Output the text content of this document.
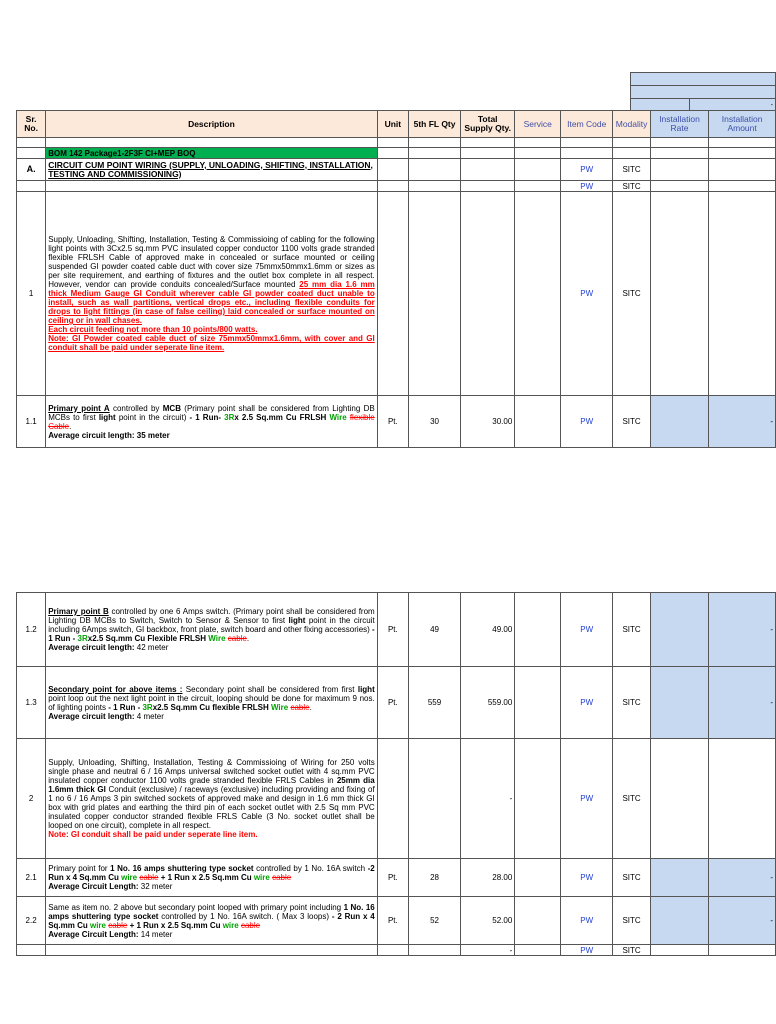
	-
Sr. No.	Description	Unit	5th FL Qty	Total Supply Qty.	Service	Item Code	Modality	Installation Rate	Installation Amount

	BOM 142 Package1-2F3F CI+MEP BOQ								
A.	CIRCUIT CUM POINT WIRING (SUPPLY, UNLOADING, SHIFTING, INSTALLATION, TESTING AND COMMISSIONING)					PW	SITC		
						PW	SITC		
1	Supply, Unloading, Shifting, Installation, Testing & Commissioing of cabling for the following light points with 3Cx2.5 sq.mm PVC insulated copper conductor 1100 volts grade stranded flexible FRLSH Cable of approved make in concealed or surface mounted or ceiling suspended GI powder coated cable duct with cover size 75mmx50mmx1.6mm or sizes as per site requirement, and earthing of fixtures and the outlet box complete in all respect. However, vendor can provide conduits concealed/Surface mounted 25 mm dia 1.6 mm thick Medium Gauge GI Conduit wherever cable GI powder coated duct unable to install, such as wall partitions, vertical drops etc., including flexible conduits for drops to light fittings (in case of false ceiling) laid concealed or surface mounted on ceiling or in wall chases.
Each circuit feeding not more than 10 points/800 watts.
Note: GI Powder coated cable duct of size 75mmx50mmx1.6mm, with cover and GI conduit shall be paid under seperate line item.					PW	SITC		
1.1	Primary point A controlled by MCB (Primary point shall be considered from Lighting DB MCBs to first light point in the circuit) - 1 Run- 3Rx 2.5 Sq.mm Cu FRLSH Wire flexible Cable.
Average circuit length: 35 meter	Pt.	30	30.00		PW	SITC		-
1.2	Primary point B controlled by one 6 Amps switch. (Primary point shall be considered from Lighting DB MCBs to Switch, Switch to Sensor & Sensor to first light point in the circuit including 6Amps switch, GI backbox, front plate, switch board and other fixing accessories) - 1 Run - 3Rx2.5 Sq.mm Cu Flexible FRLSH Wire cable.
Average circuit length: 42 meter	Pt.	49	49.00		PW	SITC		-
1.3	Secondary point for above items : Secondary point shall be considered from first light point loop out the next light point in the circuit, looping should be done for maximum 9 nos. of lighting points - 1 Run - 3Rx2.5 Sq.mm Cu flexible FRLSH Wire cable.
Average circuit length: 4 meter	Pt.	559	559.00		PW	SITC		-
2	Supply, Unloading, Shifting, Installation, Testing & Commissioing of Wiring for 250 volts single phase and neutral 6 / 16 Amps universal switched socket outlet with 4 sq.mm PVC insulated copper conductor 1100 volts grade stranded flexible FRLS Cables in 25mm dia 1.6mm thick GI Conduit (exclusive) / raceways (exclusive) including providing and fixing of 1 no 6 / 16 Amps 3 pin switched sockets of approved make and design in 1.6 mm thick GI box with grid plates and earthing the third pin of each socket outlet with 2.5 Sq mm PVC insulated copper conductor stranded flexible FRLS Cable (3 No. socket outlet shall be looped on one circuit), complete in all respect.
Note: GI conduit shall be paid under seperate line item.			-		PW	SITC		
2.1	Primary point for 1 No. 16 amps shuttering type socket controlled by 1 No. 16A switch -2 Run x 4 Sq.mm Cu wire cable + 1 Run x 2.5 Sq.mm Cu wire cable
Average Circuit Length: 32 meter	Pt.	28	28.00		PW	SITC		-
2.2	Same as item no. 2 above but secondary point looped with primary point including 1 No. 16 amps shuttering type socket controlled by 1 No. 16A switch. ( Max 3 loops) - 2 Run x 4 Sq.mm Cu wire cable + 1 Run x 2.5 Sq.mm Cu wire cable
Average Circuit Length: 14 meter	Pt.	52	52.00		PW	SITC		-
				-		PW	SITC		
